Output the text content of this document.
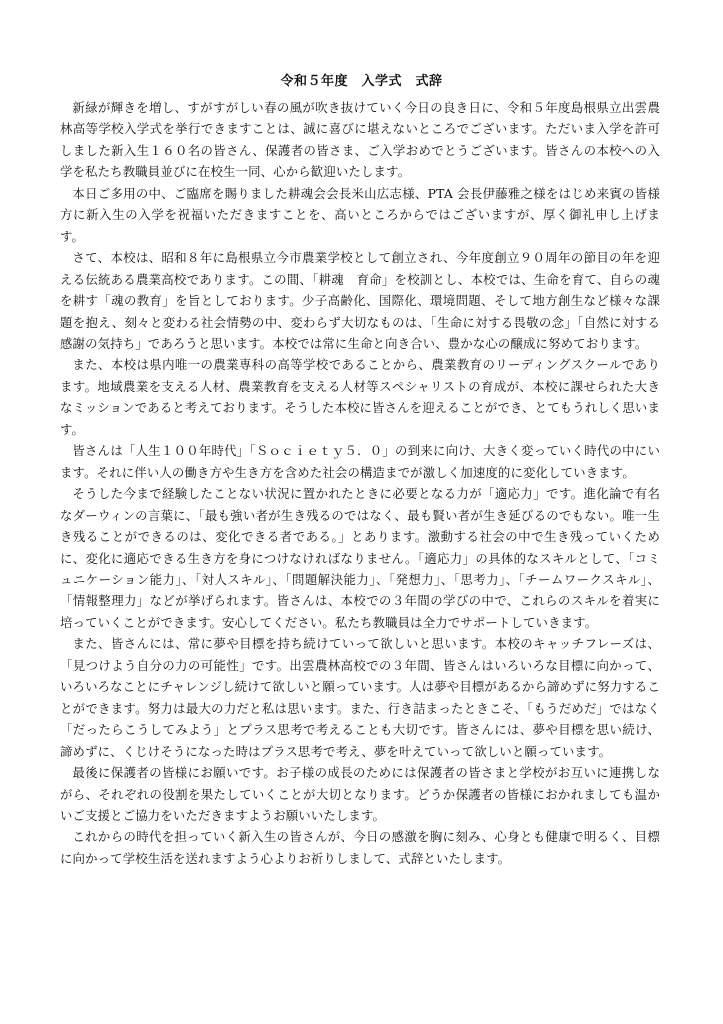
令和５年度　入学式　式辞

新緑が輝きを増し、すがすがしい春の風が吹き抜けていく今日の良き日に、令和５年度島根県立出雲農林高等学校入学式を挙行できますことは、誠に喜びに堪えないところでございます。ただいま入学を許可しました新入生１６０名の皆さん、保護者の皆さま、ご入学おめでとうございます。皆さんの本校への入学を私たち教職員並びに在校生一同、心から歓迎いたします。

本日ご多用の中、ご臨席を賜りました耕魂会会長米山広志様、PTA 会長伊藤雅之様をはじめ来賓の皆様方に新入生の入学を祝福いただきますことを、高いところからではございますが、厚く御礼申し上げます。

さて、本校は、昭和８年に島根県立今市農業学校として創立され、今年度創立９０周年の節目の年を迎える伝統ある農業高校であります。この間、「耕魂　育命」を校訓とし、本校では、生命を育て、自らの魂を耕す「魂の教育」を旨としております。少子高齢化、国際化、環境問題、そして地方創生など様々な課題を抱え、刻々と変わる社会情勢の中、変わらず大切なものは、「生命に対する畏敬の念」「自然に対する感謝の気持ち」であろうと思います。本校では常に生命と向き合い、豊かな心の醸成に努めております。

また、本校は県内唯一の農業専科の高等学校であることから、農業教育のリーディングスクールであります。地域農業を支える人材、農業教育を支える人材等スペシャリストの育成が、本校に課せられた大きなミッションであると考えております。そうした本校に皆さんを迎えることができ、とてもうれしく思います。

皆さんは「人生１００年時代」「Ｓｏｃｉｅｔｙ５．０」の到来に向け、大きく変っていく時代の中にいます。それに伴い人の働き方や生き方を含めた社会の構造までが激しく加速度的に変化していきます。

そうした今まで経験したことない状況に置かれたときに必要となる力が「適応力」です。進化論で有名なダーウィンの言葉に、「最も強い者が生き残るのではなく、最も賢い者が生き延びるのでもない。唯一生き残ることができるのは、変化できる者である。」とあります。激動する社会の中で生き残っていくために、変化に適応できる生き方を身につけなければなりません。「適応力」の具体的なスキルとして、「コミュニケーション能力」、「対人スキル」、「問題解決能力」、「発想力」、「思考力」、「チームワークスキル」、「情報整理力」などが挙げられます。皆さんは、本校での３年間の学びの中で、これらのスキルを着実に培っていくことができます。安心してください。私たち教職員は全力でサポートしていきます。

また、皆さんには、常に夢や目標を持ち続けていって欲しいと思います。本校のキャッチフレーズは、「見つけよう自分の力の可能性」です。出雲農林高校での３年間、皆さんはいろいろな目標に向かって、いろいろなことにチャレンジし続けて欲しいと願っています。人は夢や目標があるから諦めずに努力することができます。努力は最大の力だと私は思います。また、行き詰まったときこそ、「もうだめだ」ではなく「だったらこうしてみよう」とプラス思考で考えることも大切です。皆さんには、夢や目標を思い続け、諦めずに、くじけそうになった時はプラス思考で考え、夢を叶えていって欲しいと願っています。

最後に保護者の皆様にお願いです。お子様の成長のためには保護者の皆さまと学校がお互いに連携しながら、それぞれの役割を果たしていくことが大切となります。どうか保護者の皆様におかれましても温かいご支援とご協力をいただきますようお願いいたします。

これからの時代を担っていく新入生の皆さんが、今日の感激を胸に刻み、心身とも健康で明るく、目標に向かって学校生活を送れますよう心よりお祈りしまして、式辞といたします。
